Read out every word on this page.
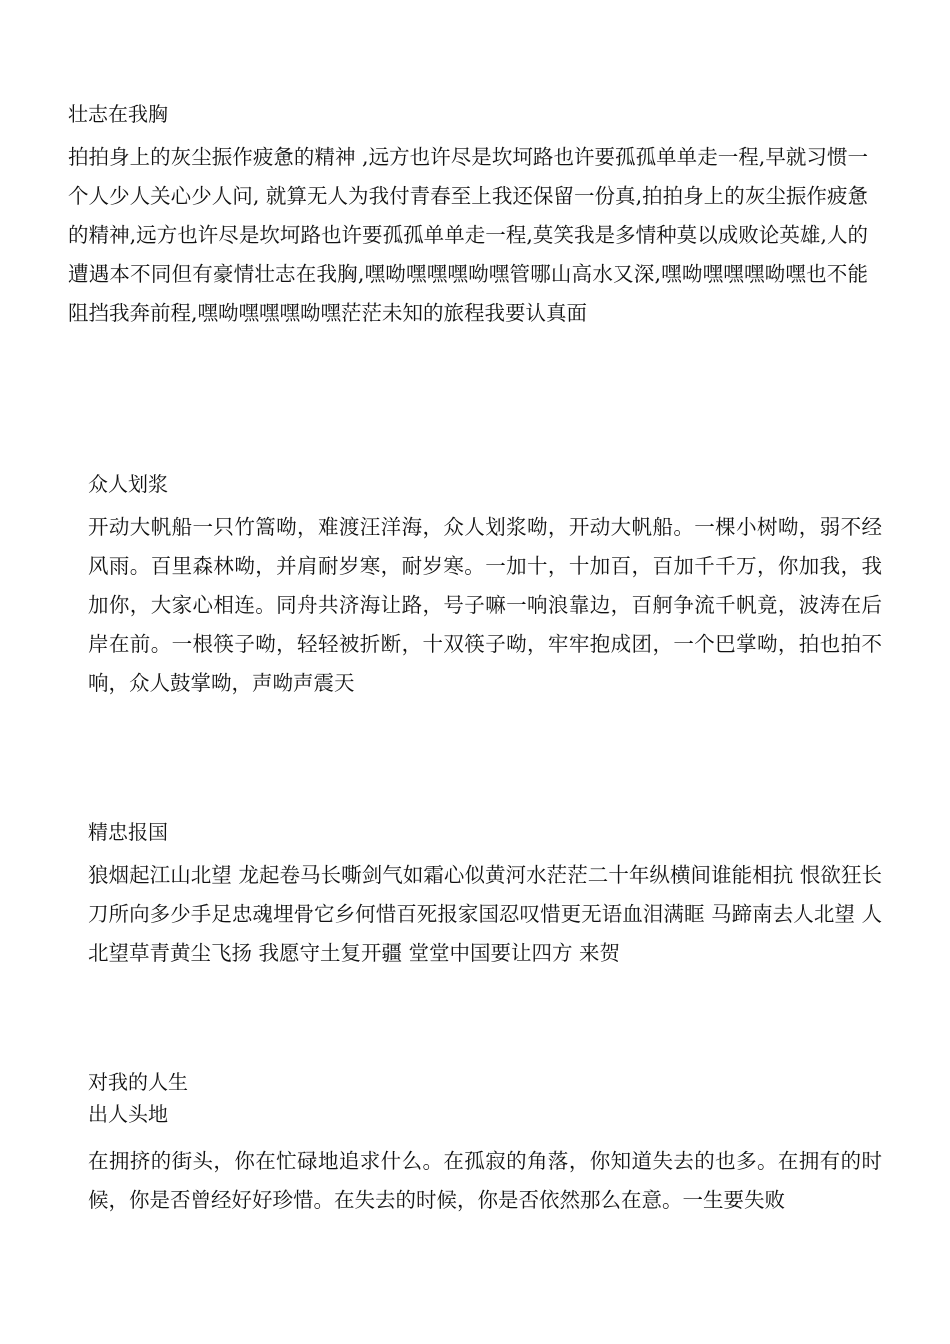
壮志在我胸

拍拍身上的灰尘振作疲惫的精神 ,远方也许尽是坎坷路也许要孤孤单单走一程,早就习惯一个人少人关心少人问, 就算无人为我付青春至上我还保留一份真,拍拍身上的灰尘振作疲惫的精神,远方也许尽是坎坷路也许要孤孤单单走一程,莫笑我是多情种莫以成败论英雄,人的遭遇本不同但有豪情壮志在我胸,嘿呦嘿嘿嘿呦嘿管哪山高水又深,嘿呦嘿嘿嘿呦嘿也不能阻挡我奔前程,嘿呦嘿嘿嘿呦嘿茫茫未知的旅程我要认真面

众人划浆

开动大帆船一只竹篙呦，难渡汪洋海，众人划浆呦，开动大帆船。一棵小树呦，弱不经风雨。百里森林呦，并肩耐岁寒，耐岁寒。一加十，十加百，百加千千万，你加我，我加你，大家心相连。同舟共济海让路，号子嘛一响浪靠边，百舸争流千帆竟，波涛在后岸在前。一根筷子呦，轻轻被折断，十双筷子呦，牢牢抱成团，一个巴掌呦，拍也拍不响，众人鼓掌呦，声呦声震天

精忠报国

狼烟起江山北望 龙起卷马长嘶剑气如霜心似黄河水茫茫二十年纵横间谁能相抗 恨欲狂长刀所向多少手足忠魂埋骨它乡何惜百死报家国忍叹惜更无语血泪满眶 马蹄南去人北望 人北望草青黄尘飞扬 我愿守土复开疆 堂堂中国要让四方 来贺

对我的人生

出人头地

在拥挤的街头，你在忙碌地追求什么。在孤寂的角落，你知道失去的也多。在拥有的时候，你是否曾经好好珍惜。在失去的时候，你是否依然那么在意。一生要失败
